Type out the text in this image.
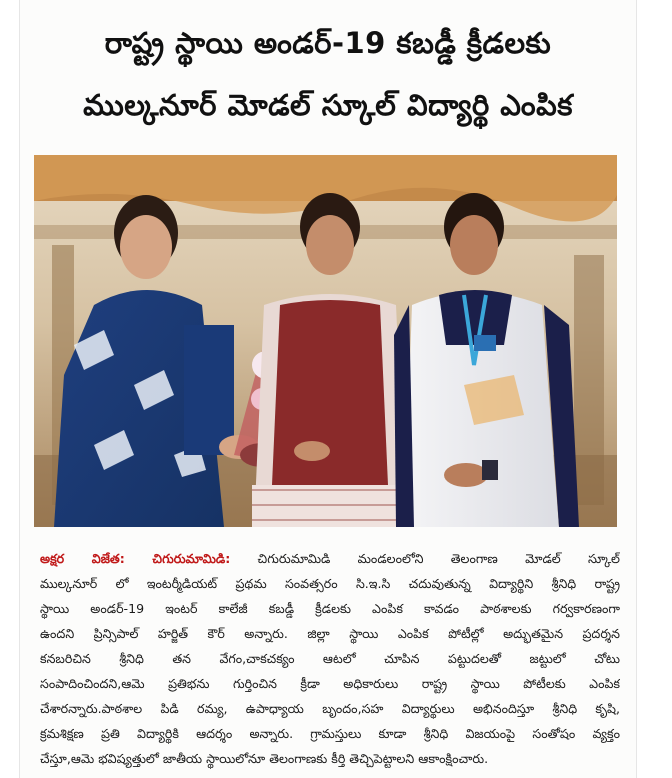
రాష్ట్ర స్థాయి అండర్-19 కబడ్డీ క్రీడలకు
ముల్కనూర్ మోడల్ స్కూల్ విద్యార్థి ఎంపిక
అక్షర విజేత: చిగురుమామిడి: చిగురుమామిడి మండలంలోని తెలంగాణ మోడల్ స్కూల్
ముల్కనూర్ లో ఇంటర్మీడియట్ ప్రథమ సంవత్సరం సి.ఇ.సి చదువుతున్న విద్యార్థిని శ్రీనిధి రాష్ట్ర
స్థాయి అండర్-19 ఇంటర్ కాలేజీ కబడ్డీ క్రీడలకు ఎంపిక కావడం పాఠశాలకు గర్వకారణంగా
ఉందని ప్రిన్సిపాల్ హర్జిత్ కౌర్ అన్నారు. జిల్లా స్థాయి ఎంపిక పోటీల్లో అద్భుతమైన ప్రదర్శన
కనబరిచిన శ్రీనిధి తన వేగం,చాకచక్యం ఆటలో చూపిన పట్టుదలతో జట్టులో చోటు
సంపాదించిందని,ఆమె ప్రతిభను గుర్తించిన క్రీడా అధికారులు రాష్ట్ర స్థాయి పోటీలకు ఎంపిక
చేశారన్నారు.పాఠశాల పిడి రమ్య, ఉపాధ్యాయ బృందం,సహ విద్యార్థులు అభినందిస్తూ శ్రీనిధి కృషి,
క్రమశిక్షణ ప్రతి విద్యార్థికి ఆదర్శం అన్నారు. గ్రామస్తులు కూడా శ్రీనిధి విజయంపై సంతోషం వ్యక్తం
చేస్తూ,ఆమె భవిష్యత్తులో జాతీయ స్థాయిలోనూ తెలంగాణకు కీర్తి తెచ్చిపెట్టాలని ఆకాంక్షించారు.
